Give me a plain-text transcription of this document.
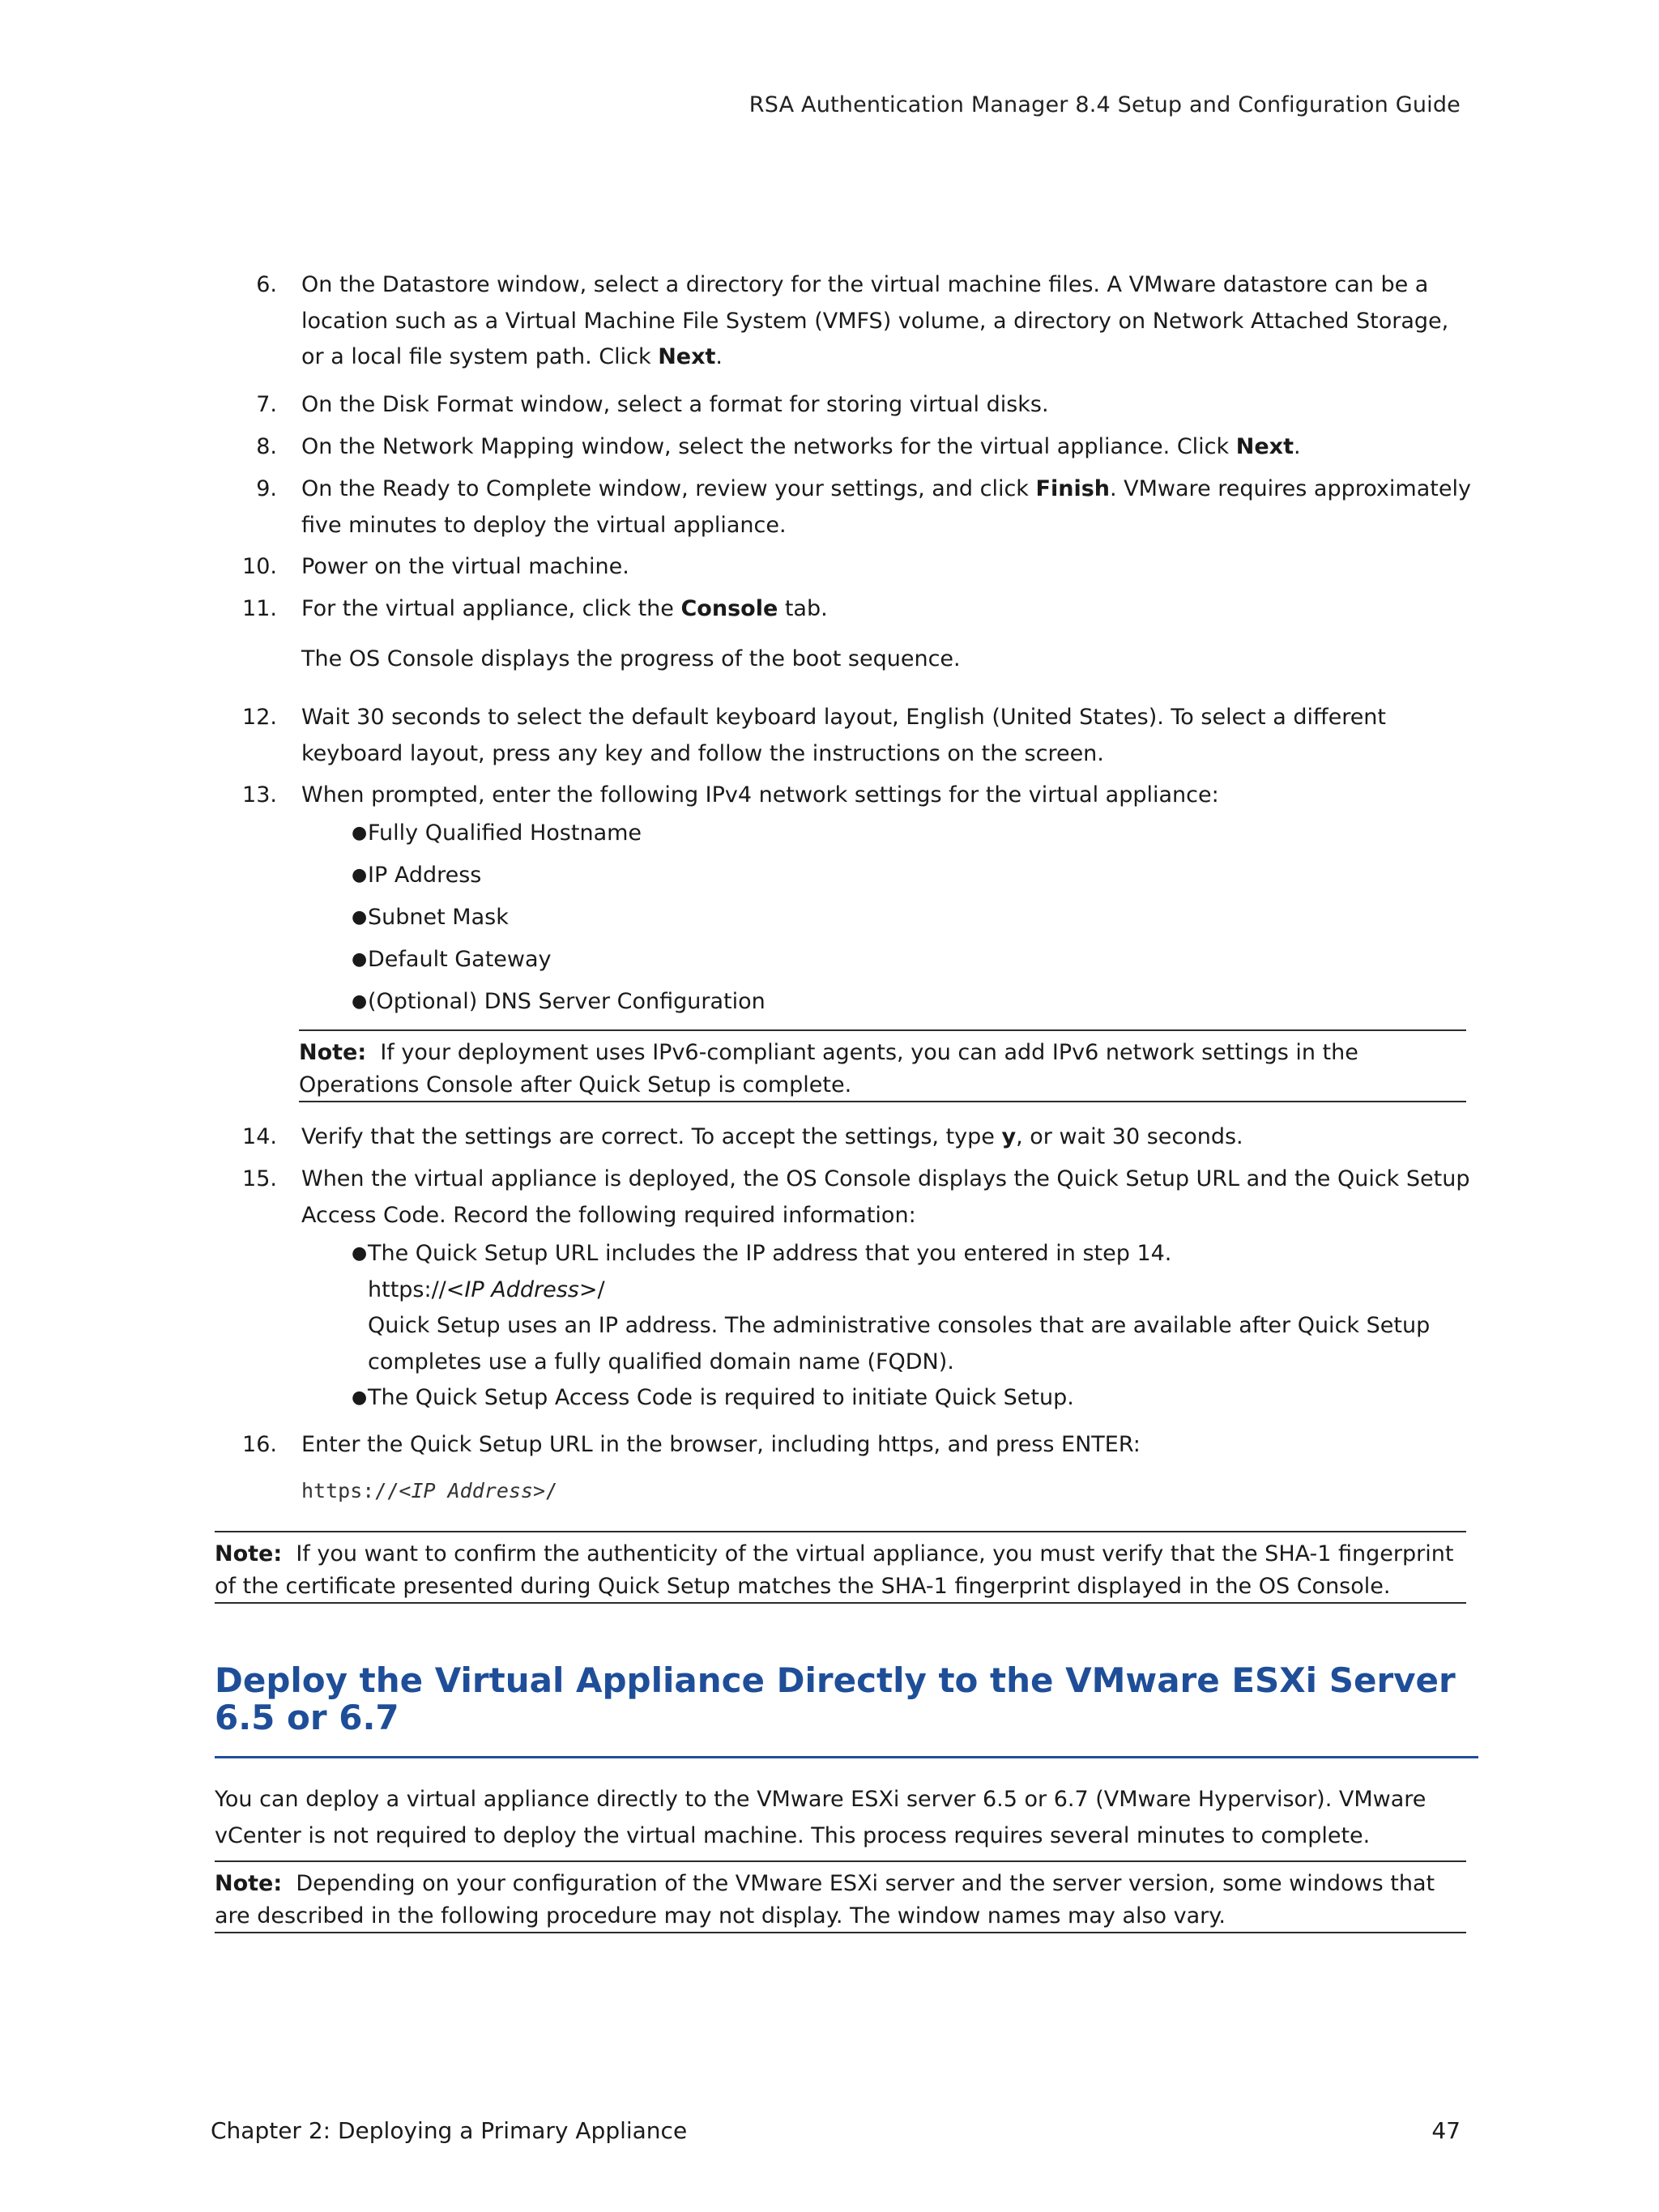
RSA Authentication Manager 8.4 Setup and Configuration Guide
6. On the Datastore window, select a directory for the virtual machine files. A VMware datastore can be a location such as a Virtual Machine File System (VMFS) volume, a directory on Network Attached Storage, or a local file system path. Click Next.
7. On the Disk Format window, select a format for storing virtual disks.
8. On the Network Mapping window, select the networks for the virtual appliance. Click Next.
9. On the Ready to Complete window, review your settings, and click Finish. VMware requires approximately five minutes to deploy the virtual appliance.
10. Power on the virtual machine.
11. For the virtual appliance, click the Console tab.
The OS Console displays the progress of the boot sequence.
12. Wait 30 seconds to select the default keyboard layout, English (United States). To select a different keyboard layout, press any key and follow the instructions on the screen.
13. When prompted, enter the following IPv4 network settings for the virtual appliance:
● Fully Qualified Hostname
● IP Address
● Subnet Mask
● Default Gateway
● (Optional) DNS Server Configuration
Note: If your deployment uses IPv6-compliant agents, you can add IPv6 network settings in the Operations Console after Quick Setup is complete.
14. Verify that the settings are correct. To accept the settings, type y, or wait 30 seconds.
15. When the virtual appliance is deployed, the OS Console displays the Quick Setup URL and the Quick Setup Access Code. Record the following required information:
● The Quick Setup URL includes the IP address that you entered in step 14.
https://<IP Address>/
Quick Setup uses an IP address. The administrative consoles that are available after Quick Setup completes use a fully qualified domain name (FQDN).
● The Quick Setup Access Code is required to initiate Quick Setup.
16. Enter the Quick Setup URL in the browser, including https, and press ENTER:
https://<IP Address>/
Note: If you want to confirm the authenticity of the virtual appliance, you must verify that the SHA-1 fingerprint of the certificate presented during Quick Setup matches the SHA-1 fingerprint displayed in the OS Console.
Deploy the Virtual Appliance Directly to the VMware ESXi Server 6.5 or 6.7
You can deploy a virtual appliance directly to the VMware ESXi server 6.5 or 6.7 (VMware Hypervisor). VMware vCenter is not required to deploy the virtual machine. This process requires several minutes to complete.
Note: Depending on your configuration of the VMware ESXi server and the server version, some windows that are described in the following procedure may not display. The window names may also vary.
Chapter 2: Deploying a Primary Appliance	47
